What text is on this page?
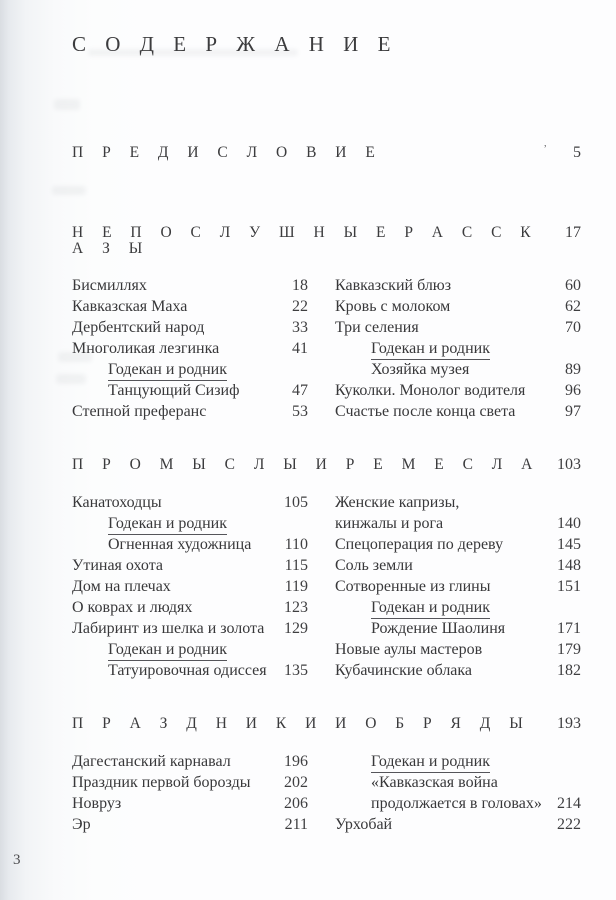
С О Д Е Р Ж А Н И Е
П Р Е Д И С Л О В И Е	’ 5
Н Е П О С Л У Ш Н Ы Е Р А С С К А З Ы
17
Бисмиллях	18
Кавказская Маха	22
Дербентский народ	33
Многоликая лезгинка	41
Годекан и родник
Танцующий Сизиф	47
Степной преферанс	53
Кавказский блюз	60
Кровь с молоком	62
Три селения	70
Годекан и родник
Хозяйка музея	89
Куколки. Монолог водителя	96
Счастье после конца света	97
П Р О М Ы С Л Ы И Р Е М Е С Л А 103
Канатоходцы	105
Годекан и родник
Огненная художница	110
Утиная охота	115
Дом на плечах	119
О коврах и людях	123
Лабиринт из шелка и золота	129
Годекан и родник
Татуировочная одиссея	135
Женские капризы,
кинжалы и рога	140
Спецоперация по дереву	145
Соль земли	148
Сотворенные из глины	151
Годекан и родник
Рождение Шаолиня	171
Новые аулы мастеров	179
Кубачинские облака	182
П Р А З Д Н И К И И О Б Р Я Д Ы 193
Дагестанский карнавал	196
Праздник первой борозды	202
Новруз	206
Эр	211
Годекан и родник
«Кавказская война
продолжается в головах» 214
Урхобай	222
3
